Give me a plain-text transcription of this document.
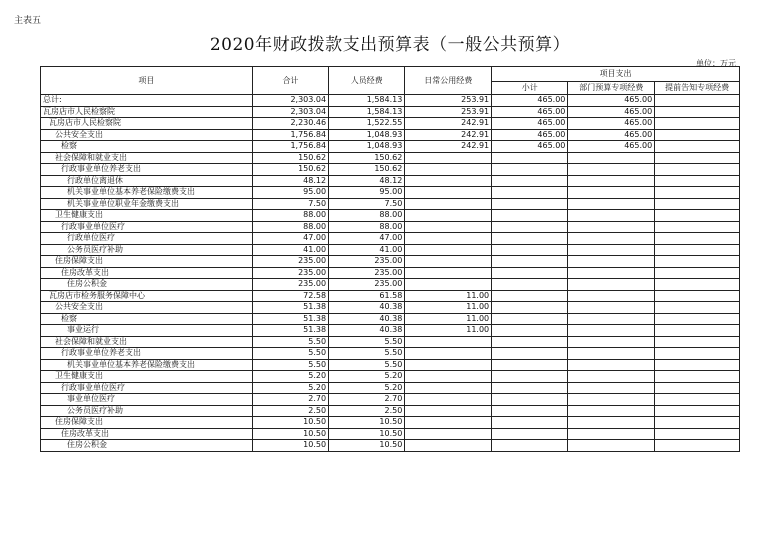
主表五
2020年财政拨款支出预算表（一般公共预算）
单位：万元
项目	合计	人员经费	日常公用经费	项目支出		
				小计	部门预算专项经费	提前告知专项经费
总计:	2,303.04	1,584.13	253.91	465.00	465.00	
瓦房店市人民检察院	2,303.04	1,584.13	253.91	465.00	465.00	
瓦房店市人民检察院	2,230.46	1,522.55	242.91	465.00	465.00	
公共安全支出	1,756.84	1,048.93	242.91	465.00	465.00	
检察	1,756.84	1,048.93	242.91	465.00	465.00	
社会保障和就业支出	150.62	150.62				
行政事业单位养老支出	150.62	150.62				
行政单位离退休	48.12	48.12				
机关事业单位基本养老保险缴费支出	95.00	95.00				
机关事业单位职业年金缴费支出	7.50	7.50				
卫生健康支出	88.00	88.00				
行政事业单位医疗	88.00	88.00				
行政单位医疗	47.00	47.00				
公务员医疗补助	41.00	41.00				
住房保障支出	235.00	235.00				
住房改革支出	235.00	235.00				
住房公积金	235.00	235.00				
瓦房店市检务服务保障中心	72.58	61.58	11.00			
公共安全支出	51.38	40.38	11.00			
检察	51.38	40.38	11.00			
事业运行	51.38	40.38	11.00			
社会保障和就业支出	5.50	5.50				
行政事业单位养老支出	5.50	5.50				
机关事业单位基本养老保险缴费支出	5.50	5.50				
卫生健康支出	5.20	5.20				
行政事业单位医疗	5.20	5.20				
事业单位医疗	2.70	2.70				
公务员医疗补助	2.50	2.50				
住房保障支出	10.50	10.50				
住房改革支出	10.50	10.50				
住房公积金	10.50	10.50				
